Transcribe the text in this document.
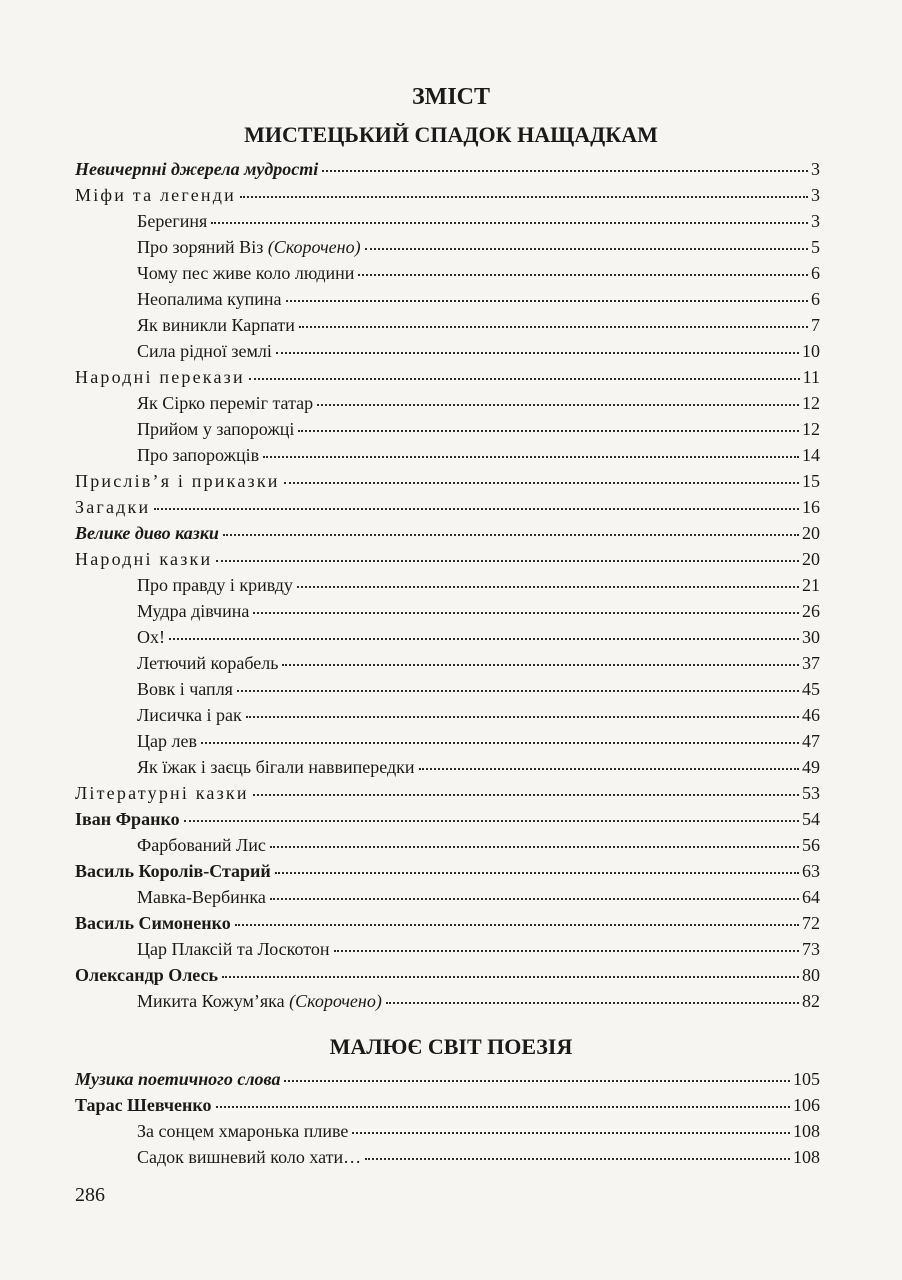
ЗМІСТ
МИСТЕЦЬКИЙ СПАДОК НАЩАДКАМ
Невичерпні джерела мудрості	3
Міфи та легенди	3
Берегиня	3
Про зоряний Віз (Скорочено)	5
Чому пес живе коло людини	6
Неопалима купина	6
Як виникли Карпати	7
Сила рідної землі	10
Народні перекази	11
Як Сірко переміг татар	12
Прийом у запорожці	12
Про запорожців	14
Прислів’я і приказки	15
Загадки	16
Велике диво казки	20
Народні казки	20
Про правду і кривду	21
Мудра дівчина	26
Ох!	30
Летючий корабель	37
Вовк і чапля	45
Лисичка і рак	46
Цар лев	47
Як їжак і заєць бігали наввипередки	49
Літературні казки	53
Іван Франко	54
Фарбований Лис	56
Василь Королів-Старий	63
Мавка-Вербинка	64
Василь Симоненко	72
Цар Плаксій та Лоскотон	73
Олександр Олесь	80
Микита Кожум’яка (Скорочено)	82
МАЛЮЄ СВІТ ПОЕЗІЯ
Музика поетичного слова	105
Тарас Шевченко	106
За сонцем хмаронька пливе	108
Садок вишневий коло хати…	108
286
